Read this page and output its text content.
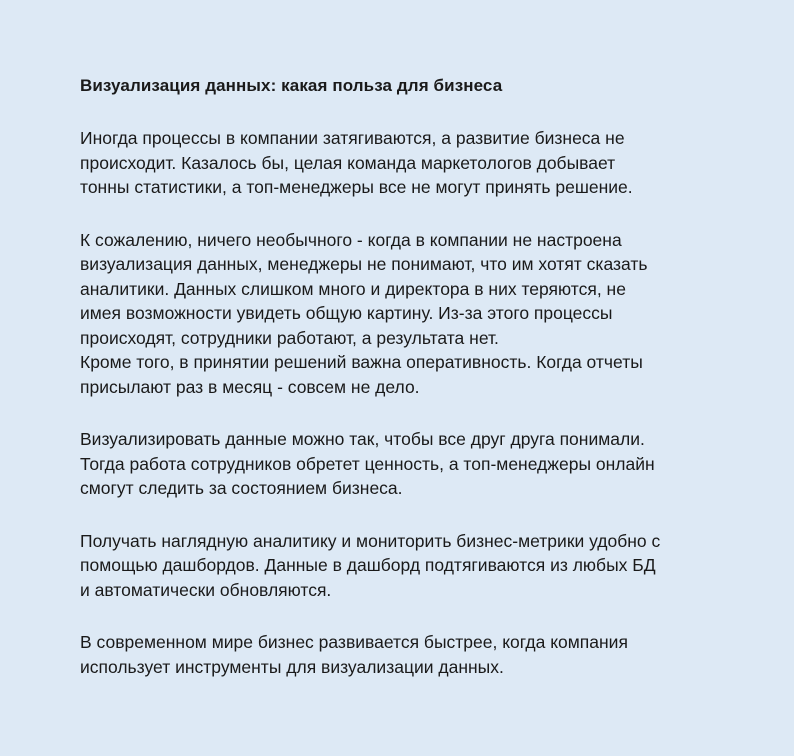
Визуализация данных: какая польза для бизнеса

Иногда процессы в компании затягиваются, а развитие бизнеса не
происходит. Казалось бы, целая команда маркетологов добывает
тонны статистики, а топ-менеджеры все не могут принять решение.

К сожалению, ничего необычного - когда в компании не настроена
визуализация данных, менеджеры не понимают, что им хотят сказать
аналитики. Данных слишком много и директора в них теряются, не
имея возможности увидеть общую картину. Из-за этого процессы
происходят, сотрудники работают, а результата нет.
Кроме того, в принятии решений важна оперативность. Когда отчеты
присылают раз в месяц - совсем не дело.

Визуализировать данные можно так, чтобы все друг друга понимали.
Тогда работа сотрудников обретет ценность, а топ-менеджеры онлайн
смогут следить за состоянием бизнеса.

Получать наглядную аналитику и мониторить бизнес-метрики удобно с
помощью дашбордов. Данные в дашборд подтягиваются из любых БД
и автоматически обновляются.

В современном мире бизнес развивается быстрее, когда компания
использует инструменты для визуализации данных.
